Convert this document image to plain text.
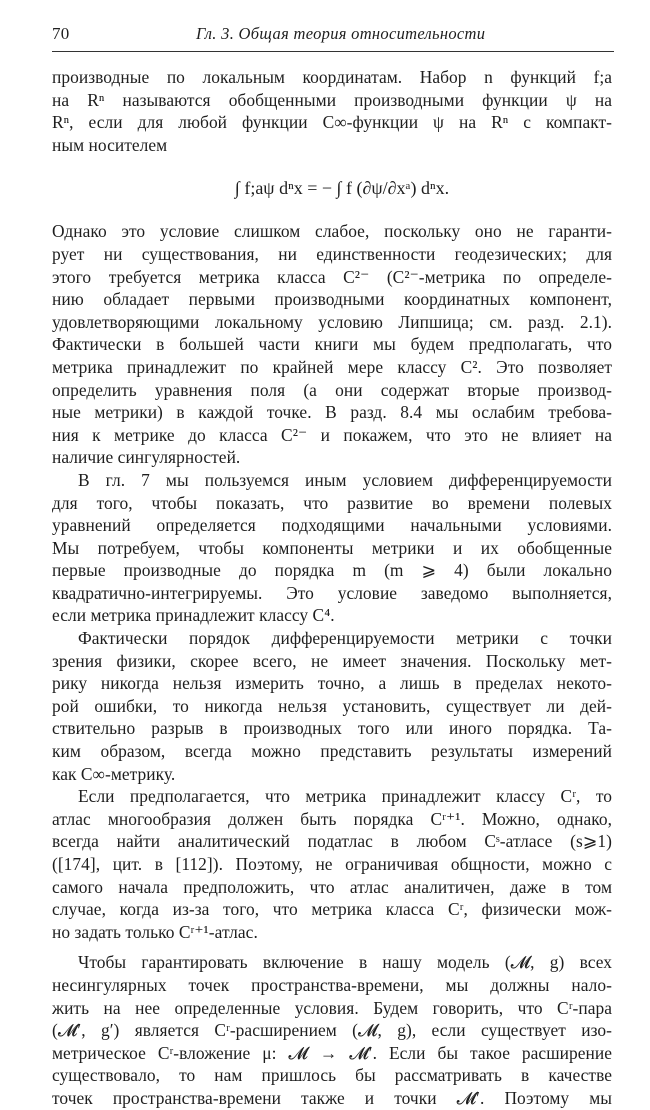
70	Гл. 3. Общая теория относительности
производные по локальным координатам. Набор n функций f;a
на Rⁿ называются обобщенными производными функции ψ на
Rⁿ, если для любой функции C∞-функции ψ на Rⁿ с компакт-
ным носителем
∫ f;aψ dⁿx = − ∫ f (∂ψ/∂xᵃ) dⁿx.
Однако это условие слишком слабое, поскольку оно не гаранти-
рует ни существования, ни единственности геодезических; для
этого требуется метрика класса C²⁻ (C²⁻-метрика по определе-
нию обладает первыми производными координатных компонент,
удовлетворяющими локальному условию Липшица; см. разд. 2.1).
Фактически в большей части книги мы будем предполагать, что
метрика принадлежит по крайней мере классу C². Это позволяет
определить уравнения поля (а они содержат вторые производ-
ные метрики) в каждой точке. В разд. 8.4 мы ослабим требова-
ния к метрике до класса C²⁻ и покажем, что это не влияет на
наличие сингулярностей.
В гл. 7 мы пользуемся иным условием дифференцируемости
для того, чтобы показать, что развитие во времени полевых
уравнений определяется подходящими начальными условиями.
Мы потребуем, чтобы компоненты метрики и их обобщенные
первые производные до порядка m (m ⩾ 4) были локально
квадратично-интегрируемы. Это условие заведомо выполняется,
если метрика принадлежит классу C⁴.
Фактически порядок дифференцируемости метрики с точки
зрения физики, скорее всего, не имеет значения. Поскольку мет-
рику никогда нельзя измерить точно, а лишь в пределах некото-
рой ошибки, то никогда нельзя установить, существует ли дей-
ствительно разрыв в производных того или иного порядка. Та-
ким образом, всегда можно представить результаты измерений
как C∞-метрику.
Если предполагается, что метрика принадлежит классу Cʳ, то
атлас многообразия должен быть порядка Cʳ⁺¹. Можно, однако,
всегда найти аналитический податлас в любом Cˢ-атласе (s⩾1)
([174], цит. в [112]). Поэтому, не ограничивая общности, можно с
самого начала предположить, что атлас аналитичен, даже в том
случае, когда из-за того, что метрика класса Cʳ, физически мож-
но задать только Cʳ⁺¹-атлас.
Чтобы гарантировать включение в нашу модель (𝓜, g) всех
несингулярных точек пространства-времени, мы должны нало-
жить на нее определенные условия. Будем говорить, что Cʳ-пара
(𝓜′, g′) является Cʳ-расширением (𝓜, g), если существует изо-
метрическое Cʳ-вложение μ: 𝓜 → 𝓜′. Если бы такое расширение
существовало, то нам пришлось бы рассматривать в качестве
точек пространства-времени также и точки 𝓜′. Поэтому мы
